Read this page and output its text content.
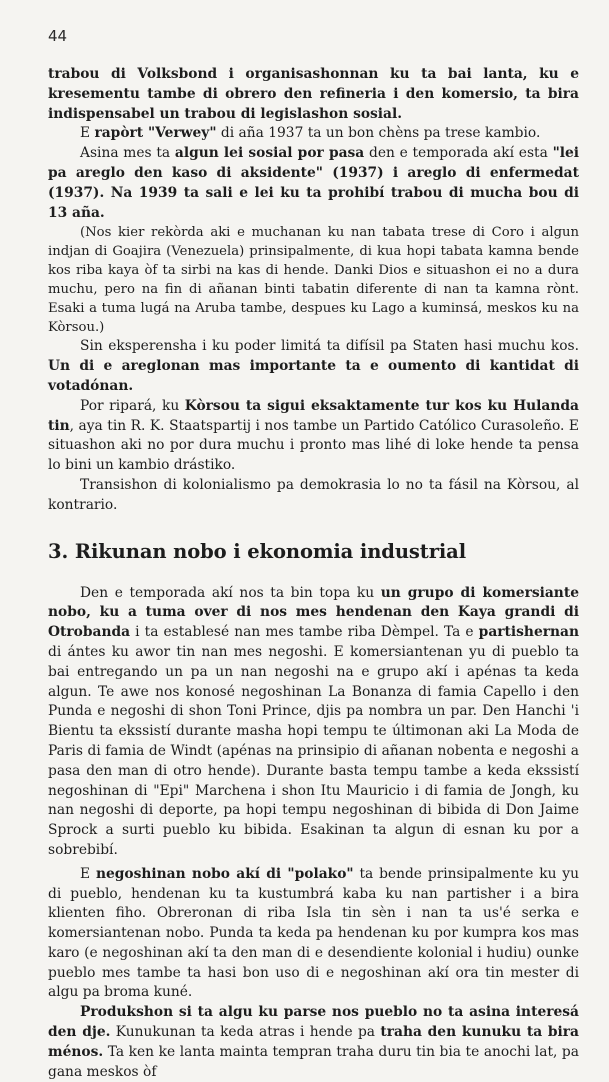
44

trabou di Volksbond i organisashonnan ku ta bai lanta, ku e kresementu tambe di obrero den refineria i den komersio, ta bira indispensabel un trabou di legislashon sosial.

E rapòrt "Verwey" di aña 1937 ta un bon chèns pa trese kambio.

Asina mes ta algun lei sosial por pasa den e temporada akí esta "lei pa areglo den kaso di aksidente" (1937) i areglo di enfermedat (1937). Na 1939 ta sali e lei ku ta prohibí trabou di mucha bou di 13 aña.

(Nos kier rekòrda aki e muchanan ku nan tabata trese di Coro i algun indjan di Goajira (Venezuela) prinsipalmente, di kua hopi tabata kamna bende kos riba kaya òf ta sirbi na kas di hende. Danki Dios e situashon ei no a dura muchu, pero na fin di añanan binti tabatin diferente di nan ta kamna rònt. Esaki a tuma lugá na Aruba tambe, despues ku Lago a kuminsá, meskos ku na Kòrsou.)

Sin eksperensha i ku poder limitá ta difísil pa Staten hasi muchu kos. Un di e areglonan mas importante ta e oumento di kantidat di votadónan.

Por ripará, ku Kòrsou ta sigui eksaktamente tur kos ku Hulanda tin, aya tin R. K. Staatspartij i nos tambe un Partido Católico Curasoleño. E situashon aki no por dura muchu i pronto mas lihé di loke hende ta pensa lo bini un kambio drástiko.

Transishon di kolonialismo pa demokrasia lo no ta fásil na Kòrsou, al kontrario.

3. Rikunan nobo i ekonomia industrial

Den e temporada akí nos ta bin topa ku un grupo di komersiante nobo, ku a tuma over di nos mes hendenan den Kaya grandi di Otrobanda i ta establesé nan mes tambe riba Dèmpel. Ta e partishernan di ántes ku awor tin nan mes negoshi. E komersiantenan yu di pueblo ta bai entregando un pa un nan negoshi na e grupo akí i apénas ta keda algun. Te awe nos konosé negoshinan La Bonanza di famia Capello i den Punda e negoshi di shon Toni Prince, djis pa nombra un par. Den Hanchi 'i Bientu ta ekssistí durante masha hopi tempu te últimonan aki La Moda de Paris di famia de Windt (apénas na prinsipio di añanan nobenta e negoshi a pasa den man di otro hende). Durante basta tempu tambe a keda ekssistí negoshinan di "Epi" Marchena i shon Itu Mauricio i di famia de Jongh, ku nan negoshi di deporte, pa hopi tempu negoshinan di bibida di Don Jaime Sprock a surti pueblo ku bibida. Esakinan ta algun di esnan ku por a sobrebibí.

E negoshinan nobo akí di "polako" ta bende prinsipalmente ku yu di pueblo, hendenan ku ta kustumbrá kaba ku nan partisher i a bira klienten fiho. Obreronan di riba Isla tin sèn i nan ta us'é serka e komersiantenan nobo. Punda ta keda pa hendenan ku por kumpra kos mas karo (e negoshinan akí ta den man di e desendiente kolonial i hudiu) ounke pueblo mes tambe ta hasi bon uso di e negoshinan akí ora tin mester di algu pa broma kuné.

Produkshon si ta algu ku parse nos pueblo no ta asina interesá den dje. Kunukunan ta keda atras i hende pa traha den kunuku ta bira ménos. Ta ken ke lanta mainta tempran traha duru tin bia te anochi lat, pa gana meskos òf
